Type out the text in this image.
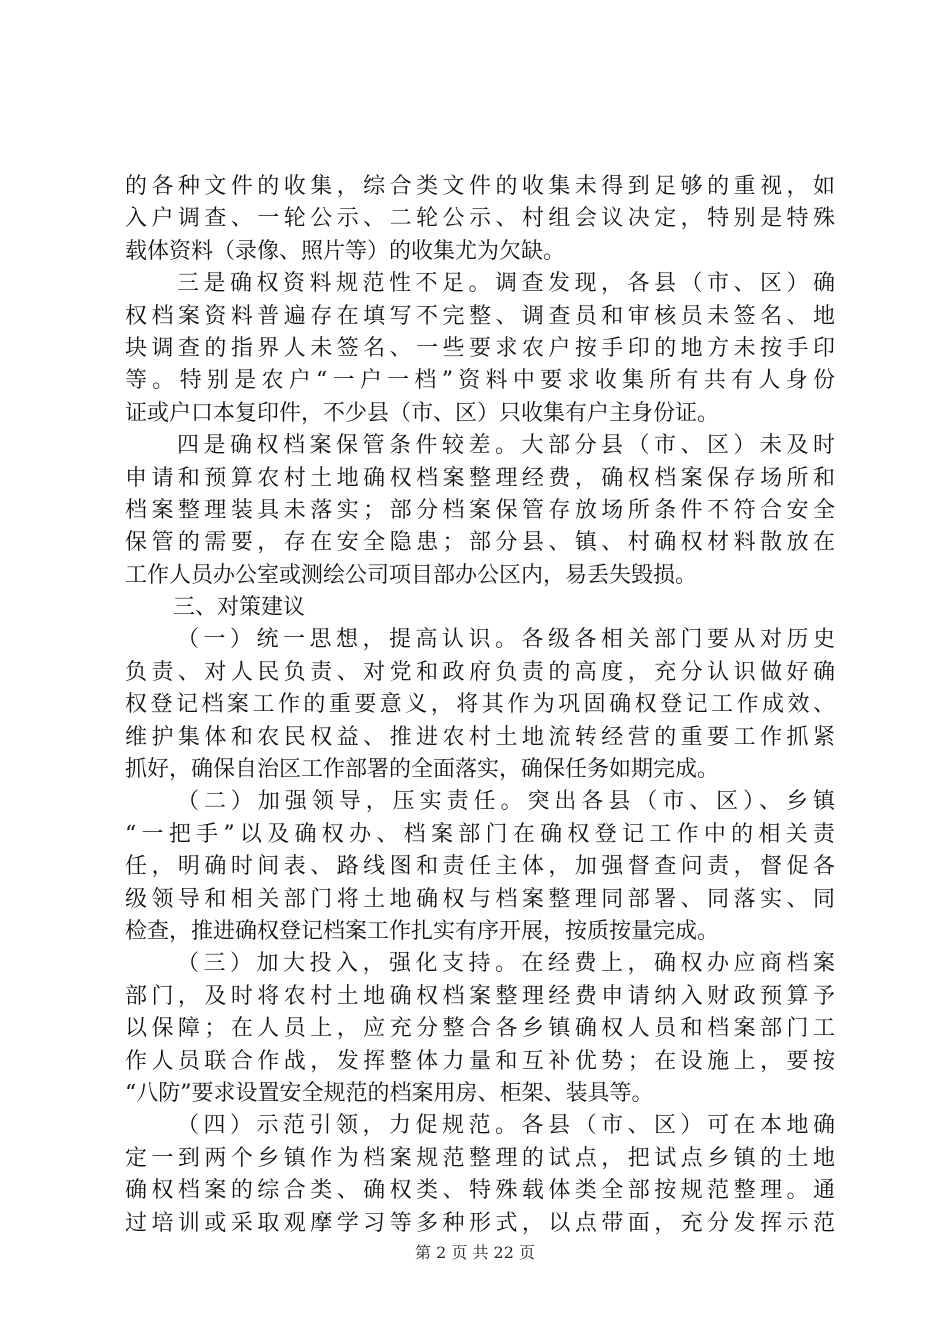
的各种文件的收集，综合类文件的收集未得到足够的重视，如
入户调查、一轮公示、二轮公示、村组会议决定，特别是特殊
载体资料（录像、照片等）的收集尤为欠缺。
三是确权资料规范性不足。调查发现，各县（市、区）确
权档案资料普遍存在填写不完整、调查员和审核员未签名、地
块调查的指界人未签名、一些要求农户按手印的地方未按手印
等。特别是农户“一户一档”资料中要求收集所有共有人身份
证或户口本复印件，不少县（市、区）只收集有户主身份证。
四是确权档案保管条件较差。大部分县（市、区）未及时
申请和预算农村土地确权档案整理经费，确权档案保存场所和
档案整理装具未落实；部分档案保管存放场所条件不符合安全
保管的需要，存在安全隐患；部分县、镇、村确权材料散放在
工作人员办公室或测绘公司项目部办公区内，易丢失毁损。
三、对策建议
（一）统一思想，提高认识。各级各相关部门要从对历史
负责、对人民负责、对党和政府负责的高度，充分认识做好确
权登记档案工作的重要意义，将其作为巩固确权登记工作成效、
维护集体和农民权益、推进农村土地流转经营的重要工作抓紧
抓好，确保自治区工作部署的全面落实，确保任务如期完成。
（二）加强领导，压实责任。突出各县（市、区）、乡镇
“一把手”以及确权办、档案部门在确权登记工作中的相关责
任，明确时间表、路线图和责任主体，加强督查问责，督促各
级领导和相关部门将土地确权与档案整理同部署、同落实、同
检查，推进确权登记档案工作扎实有序开展，按质按量完成。
（三）加大投入，强化支持。在经费上，确权办应商档案
部门，及时将农村土地确权档案整理经费申请纳入财政预算予
以保障；在人员上，应充分整合各乡镇确权人员和档案部门工
作人员联合作战，发挥整体力量和互补优势；在设施上，要按
“八防”要求设置安全规范的档案用房、柜架、装具等。
（四）示范引领，力促规范。各县（市、区）可在本地确
定一到两个乡镇作为档案规范整理的试点，把试点乡镇的土地
确权档案的综合类、确权类、特殊载体类全部按规范整理。通
过培训或采取观摩学习等多种形式，以点带面，充分发挥示范
第 2 页 共 22 页
